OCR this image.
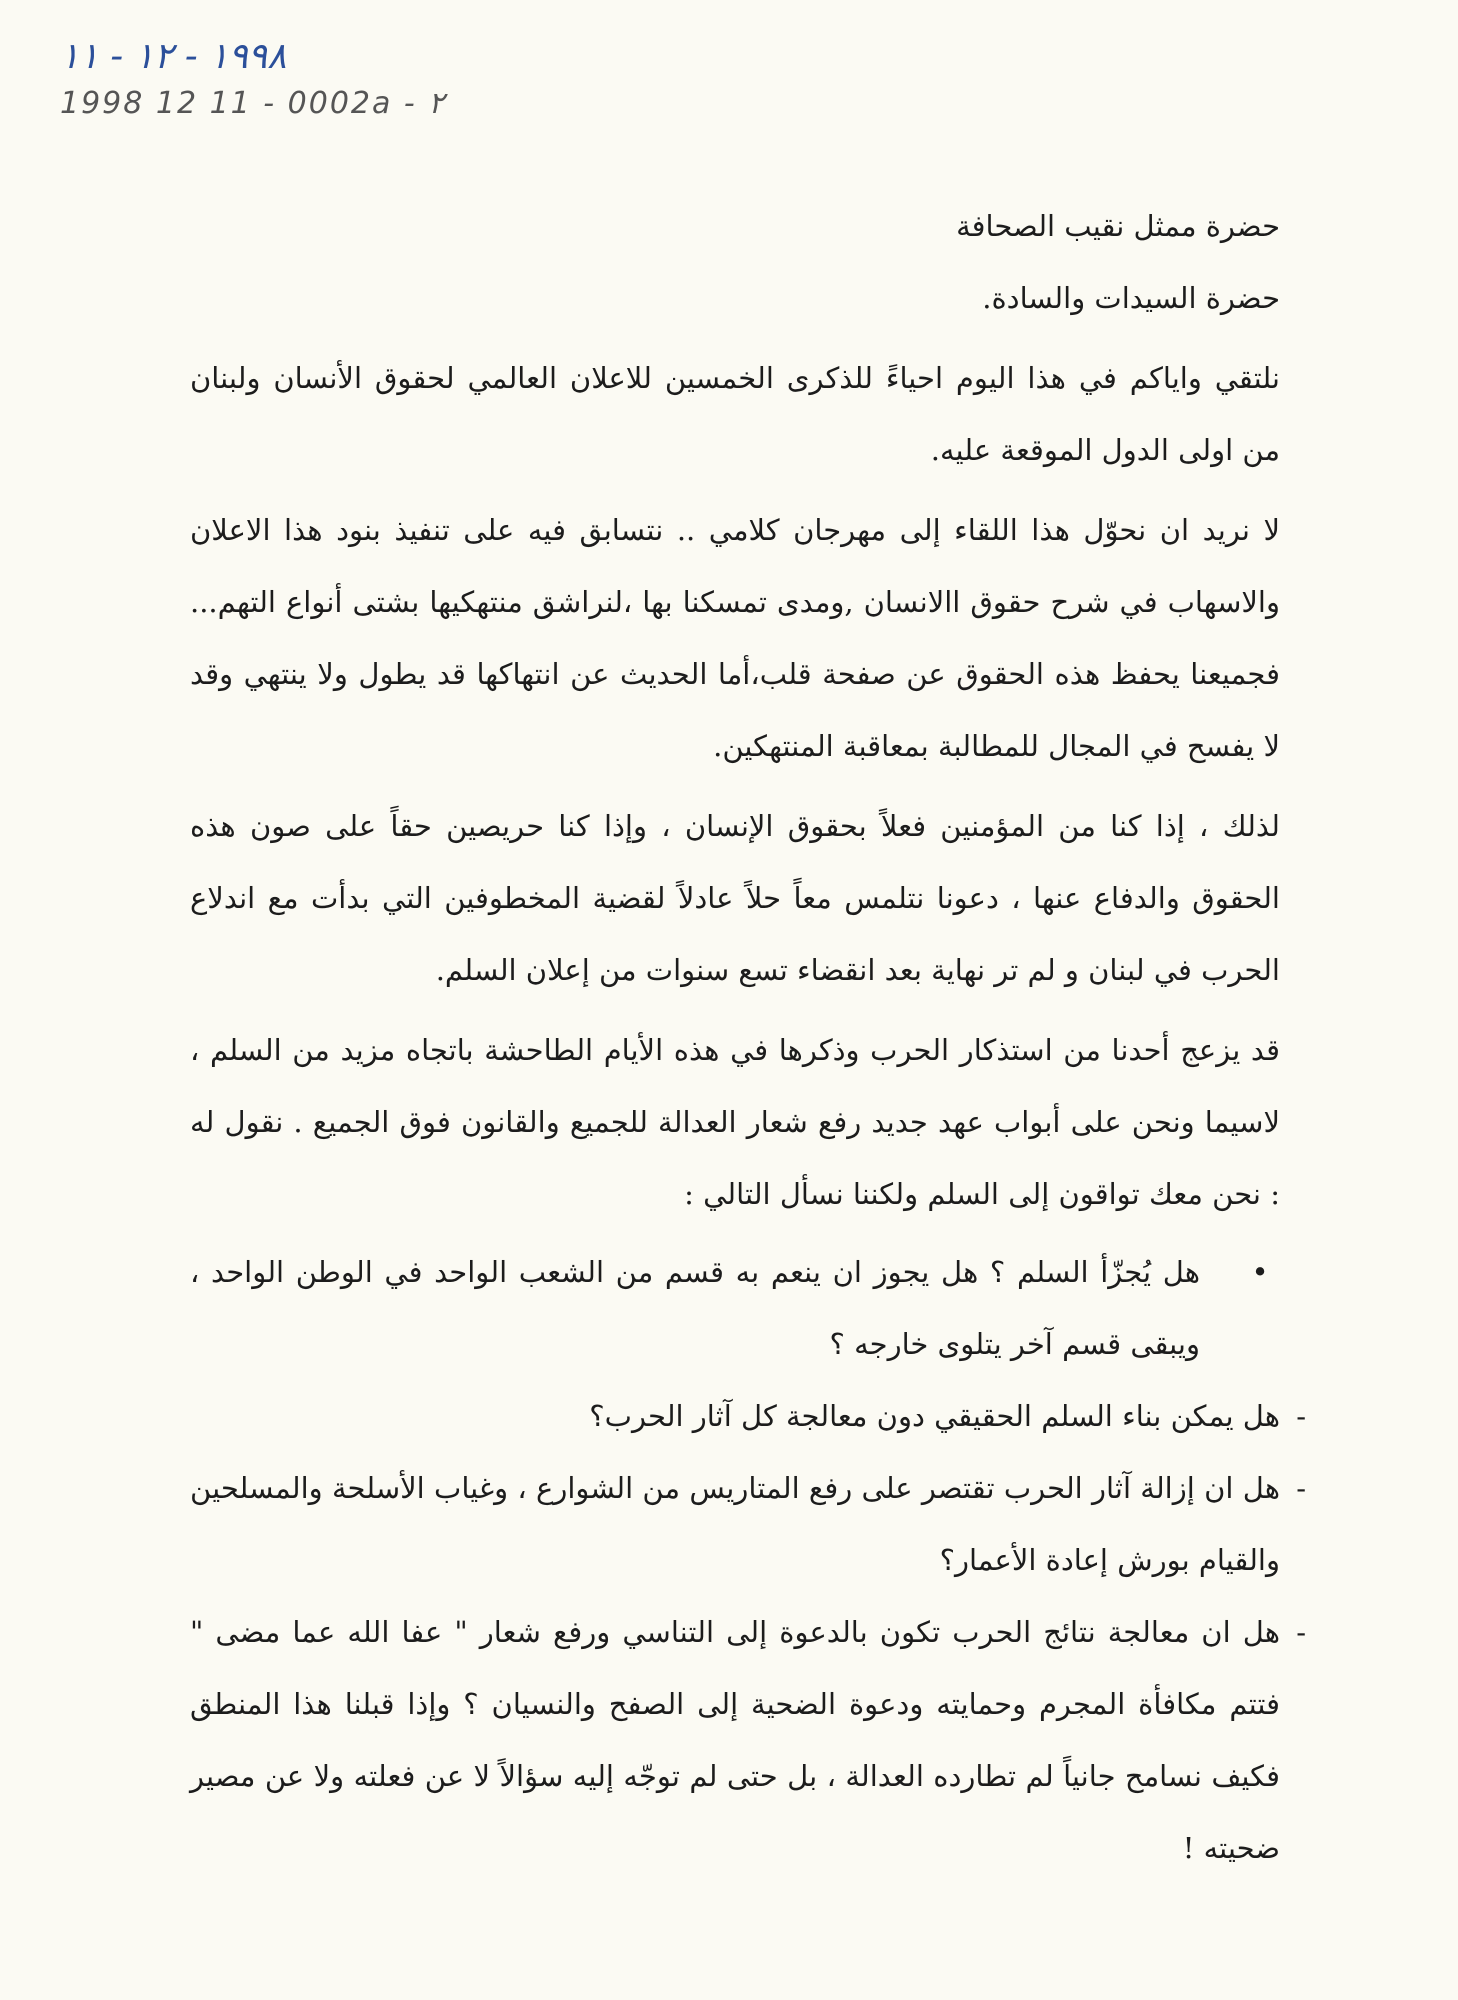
١٩٩٨ - ١٢ - ١١
1998 12 11 - 0002a - ٢

حضرة ممثل نقيب الصحافة

حضرة السيدات والسادة.

نلتقي واياكم في هذا اليوم احياءً للذكرى الخمسين للاعلان العالمي لحقوق الأنسان ولبنان من اولى الدول الموقعة عليه.

لا نريد ان نحوّل هذا اللقاء إلى مهرجان كلامي .. نتسابق فيه على تنفيذ بنود هذا الاعلان والاسهاب في شرح حقوق االانسان ,ومدى تمسكنا بها ،لنراشق منتهكيها بشتى أنواع التهم... فجميعنا يحفظ هذه الحقوق عن صفحة قلب،أما الحديث عن انتهاكها قد يطول ولا ينتهي وقد لا يفسح في المجال للمطالبة بمعاقبة المنتهكين.

لذلك ، إذا كنا من المؤمنين فعلاً بحقوق الإنسان ، وإذا كنا حريصين حقاً على صون هذه الحقوق والدفاع عنها ، دعونا نتلمس معاً حلاً عادلاً لقضية المخطوفين التي بدأت مع اندلاع الحرب في لبنان و لم تر نهاية بعد انقضاء تسع سنوات من إعلان السلم.

قد يزعج أحدنا من استذكار الحرب وذكرها في هذه الأيام الطاحشة باتجاه مزيد من السلم ، لاسيما ونحن على أبواب عهد جديد رفع شعار العدالة للجميع والقانون فوق الجميع . نقول له : نحن معك تواقون إلى السلم ولكننا نسأل التالي :

•
هل يُجزّأ السلم ؟ هل يجوز ان ينعم به قسم من الشعب الواحد في الوطن الواحد ، ويبقى قسم آخر يتلوى خارجه ؟
-
هل يمكن بناء السلم الحقيقي دون معالجة كل آثار الحرب؟
-
هل ان إزالة آثار الحرب تقتصر على رفع المتاريس من الشوارع ، وغياب الأسلحة والمسلحين والقيام بورش إعادة الأعمار؟
-
هل ان معالجة نتائج الحرب تكون بالدعوة إلى التناسي ورفع شعار " عفا الله عما مضى " فتتم مكافأة المجرم وحمايته ودعوة الضحية إلى الصفح والنسيان ؟ وإذا قبلنا هذا المنطق فكيف نسامح جانياً لم تطارده العدالة ، بل حتى لم توجّه إليه سؤالاً لا عن فعلته ولا عن مصير ضحيته !
